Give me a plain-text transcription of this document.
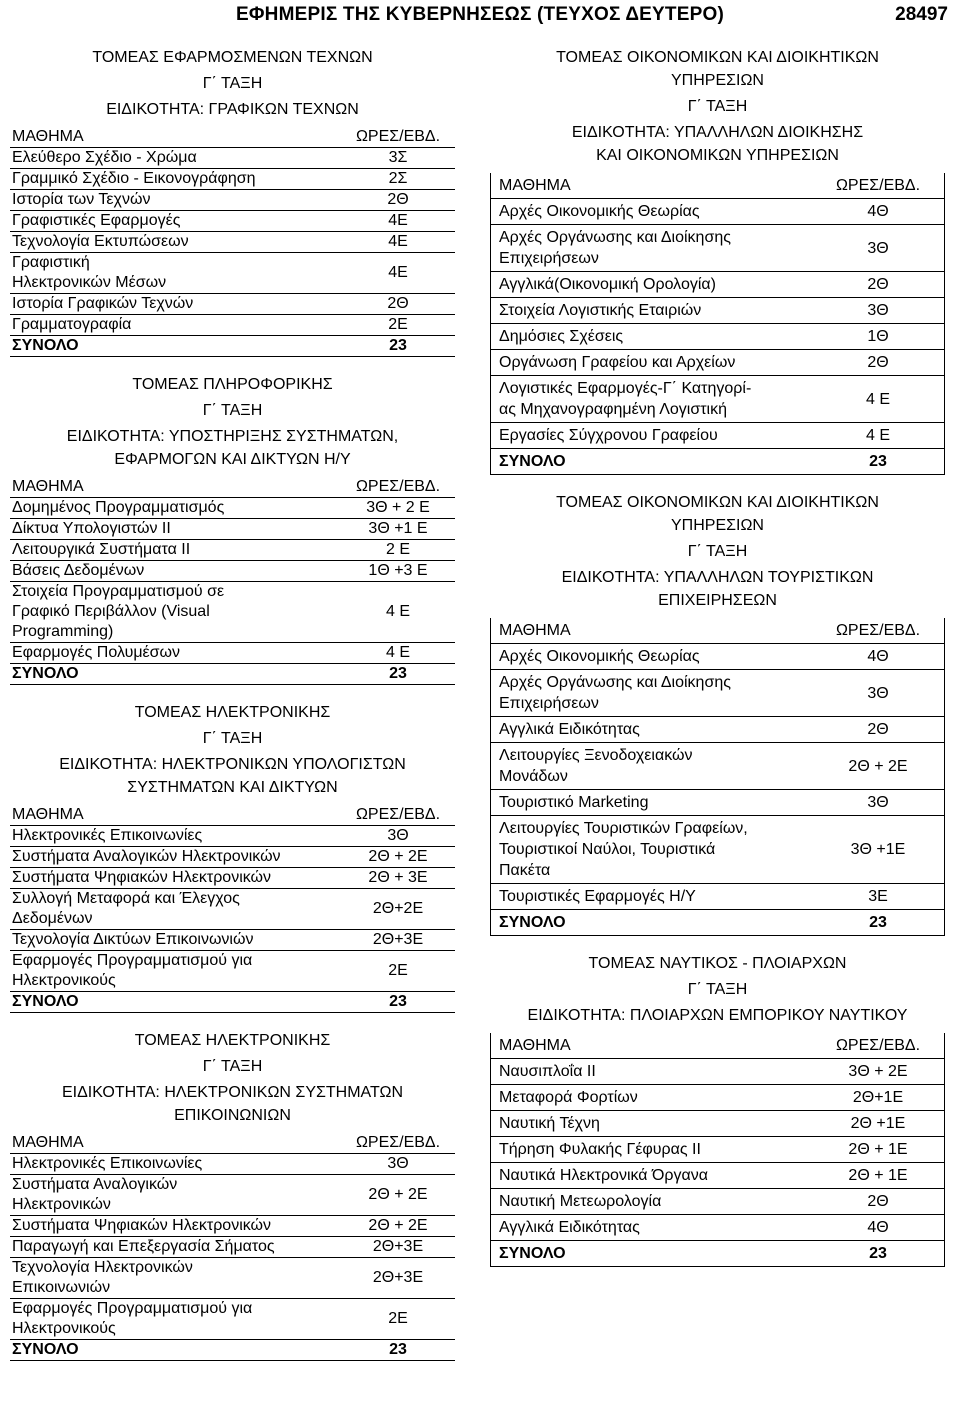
ΕΦΗΜΕΡΙΣ ΤΗΣ ΚΥΒΕΡΝΗΣΕΩΣ (ΤΕΥΧΟΣ ΔΕΥΤΕΡΟ)	28497
ΤΟΜΕΑΣ ΕΦΑΡΜΟΣΜΕΝΩΝ ΤΕΧΝΩΝ
Γ΄ ΤΑΞΗ
ΕΙΔΙΚΟΤΗΤΑ: ΓΡΑΦΙΚΩΝ ΤΕΧΝΩΝ
ΜΑΘΗΜΑ	ΩΡΕΣ/ΕΒΔ.
Ελεύθερο Σχέδιο - Χρώμα	3Σ
Γραμμικό Σχέδιο - Εικονογράφηση	2Σ
Ιστορία των Τεχνών	2Θ
Γραφιστικές Εφαρμογές	4Ε
Τεχνολογία Εκτυπώσεων	4Ε
Γραφιστική
Ηλεκτρονικών Μέσων	4Ε
Ιστορία Γραφικών Τεχνών	2Θ
Γραμματογραφία	2Ε
ΣΥΝΟΛΟ	23
ΤΟΜΕΑΣ ΠΛΗΡΟΦΟΡΙΚΗΣ
Γ΄ ΤΑΞΗ
ΕΙΔΙΚΟΤΗΤΑ: ΥΠΟΣΤΗΡΙΞΗΣ ΣΥΣΤΗΜΑΤΩΝ,
ΕΦΑΡΜΟΓΩΝ ΚΑΙ ΔΙΚΤΥΩΝ Η/Υ
ΜΑΘΗΜΑ	ΩΡΕΣ/ΕΒΔ.
Δομημένος Προγραμματισμός	3Θ + 2 Ε
Δίκτυα Υπολογιστών ΙΙ	3Θ +1 Ε
Λειτουργικά Συστήματα ΙΙ	2 Ε
Βάσεις Δεδομένων	1Θ +3 Ε
Στοιχεία Προγραμματισμού σε
Γραφικό Περιβάλλον (Visual
Programming)	4 Ε
Εφαρμογές Πολυμέσων	4 Ε
ΣΥΝΟΛΟ	23
ΤΟΜΕΑΣ ΗΛΕΚΤΡΟΝΙΚΗΣ
Γ΄ ΤΑΞΗ
ΕΙΔΙΚΟΤΗΤΑ: ΗΛΕΚΤΡΟΝΙΚΩΝ ΥΠΟΛΟΓΙΣΤΩΝ
ΣΥΣΤΗΜΑΤΩΝ ΚΑΙ ΔΙΚΤΥΩΝ
ΜΑΘΗΜΑ	ΩΡΕΣ/ΕΒΔ.
Ηλεκτρονικές Επικοινωνίες	3Θ
Συστήματα Αναλογικών Ηλεκτρονικών	2Θ + 2Ε
Συστήματα Ψηφιακών Ηλεκτρονικών	2Θ + 3Ε
Συλλογή Μεταφορά και Έλεγχος
Δεδομένων	2Θ+2Ε
Τεχνολογία Δικτύων Επικοινωνιών	2Θ+3Ε
Εφαρμογές Προγραμματισμού για
Ηλεκτρονικούς	2Ε
ΣΥΝΟΛΟ	23
ΤΟΜΕΑΣ ΗΛΕΚΤΡΟΝΙΚΗΣ
Γ΄ ΤΑΞΗ
ΕΙΔΙΚΟΤΗΤΑ: ΗΛΕΚΤΡΟΝΙΚΩΝ ΣΥΣΤΗΜΑΤΩΝ
ΕΠΙΚΟΙΝΩΝΙΩΝ
ΜΑΘΗΜΑ	ΩΡΕΣ/ΕΒΔ.
Ηλεκτρονικές Επικοινωνίες	3Θ
Συστήματα Αναλογικών
Ηλεκτρονικών	2Θ + 2Ε
Συστήματα Ψηφιακών Ηλεκτρονικών	2Θ + 2Ε
Παραγωγή και Επεξεργασία Σήματος	2Θ+3Ε
Τεχνολογία Ηλεκτρονικών
Επικοινωνιών	2Θ+3Ε
Εφαρμογές Προγραμματισμού για
Ηλεκτρονικούς	2Ε
ΣΥΝΟΛΟ	23
ΤΟΜΕΑΣ ΟΙΚΟΝΟΜΙΚΩΝ ΚΑΙ ΔΙΟΙΚΗΤΙΚΩΝ
ΥΠΗΡΕΣΙΩΝ
Γ΄ ΤΑΞΗ
ΕΙΔΙΚΟΤΗΤΑ: ΥΠΑΛΛΗΛΩΝ ΔΙΟΙΚΗΣΗΣ
ΚΑΙ ΟΙΚΟΝΟΜΙΚΩΝ ΥΠΗΡΕΣΙΩΝ
ΜΑΘΗΜΑ	ΩΡΕΣ/ΕΒΔ.
Αρχές Οικονομικής Θεωρίας	4Θ
Αρχές Οργάνωσης και Διοίκησης
Επιχειρήσεων	3Θ
Αγγλικά(Οικονομική Ορολογία)	2Θ
Στοιχεία Λογιστικής Εταιριών	3Θ
Δημόσιες Σχέσεις	1Θ
Οργάνωση Γραφείου και Αρχείων	2Θ
Λογιστικές Εφαρμογές-Γ΄ Κατηγορί-
ας Μηχανογραφημένη Λογιστική	4 Ε
Εργασίες Σύγχρονου Γραφείου	4 Ε
ΣΥΝΟΛΟ	23
ΤΟΜΕΑΣ ΟΙΚΟΝΟΜΙΚΩΝ ΚΑΙ ΔΙΟΙΚΗΤΙΚΩΝ
ΥΠΗΡΕΣΙΩΝ
Γ΄ ΤΑΞΗ
ΕΙΔΙΚΟΤΗΤΑ: ΥΠΑΛΛΗΛΩΝ ΤΟΥΡΙΣΤΙΚΩΝ
ΕΠΙΧΕΙΡΗΣΕΩΝ
ΜΑΘΗΜΑ	ΩΡΕΣ/ΕΒΔ.
Αρχές Οικονομικής Θεωρίας	4Θ
Αρχές Οργάνωσης και Διοίκησης
Επιχειρήσεων	3Θ
Αγγλικά Ειδικότητας	2Θ
Λειτουργίες Ξενοδοχειακών
Μονάδων	2Θ + 2Ε
Τουριστικό Marketing	3Θ
Λειτουργίες Τουριστικών Γραφείων,
Τουριστικοί Ναύλοι, Τουριστικά
Πακέτα	3Θ +1Ε
Τουριστικές Εφαρμογές Η/Υ	3Ε
ΣΥΝΟΛΟ	23
ΤΟΜΕΑΣ ΝΑΥΤΙΚΟΣ - ΠΛΟΙΑΡΧΩΝ
Γ΄ ΤΑΞΗ
ΕΙΔΙΚΟΤΗΤΑ: ΠΛΟΙΑΡΧΩΝ ΕΜΠΟΡΙΚΟΥ ΝΑΥΤΙΚΟΥ
ΜΑΘΗΜΑ	ΩΡΕΣ/ΕΒΔ.
Ναυσιπλοΐα ΙΙ	3Θ + 2Ε
Μεταφορά Φορτίων	2Θ+1Ε
Ναυτική Τέχνη	2Θ +1Ε
Τήρηση Φυλακής Γέφυρας ΙΙ	2Θ + 1Ε
Ναυτικά Ηλεκτρονικά Όργανα	2Θ + 1Ε
Ναυτική Μετεωρολογία	2Θ
Αγγλικά Ειδικότητας	4Θ
ΣΥΝΟΛΟ	23
